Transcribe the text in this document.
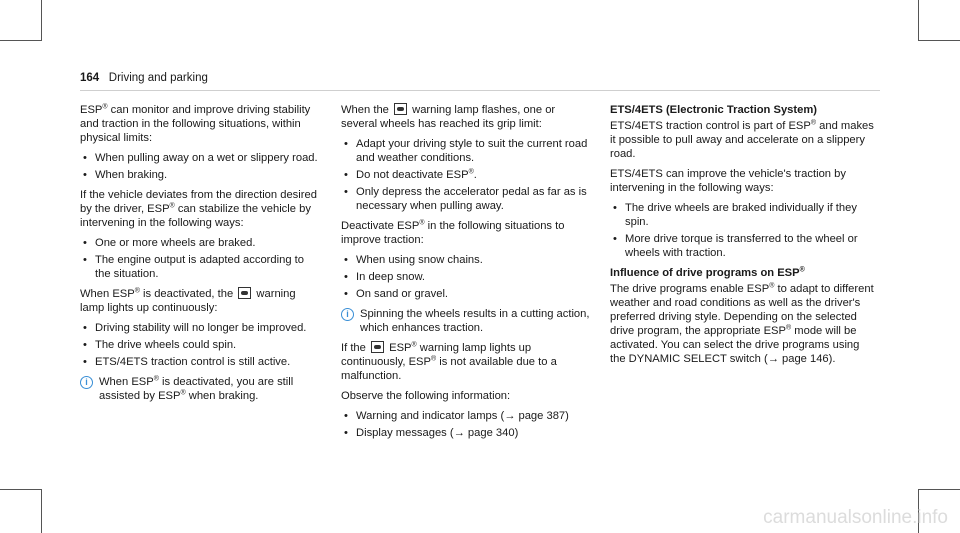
164 Driving and parking

ESP® can monitor and improve driving stability and traction in the following situations, within physical limits:

• When pulling away on a wet or slippery road.
• When braking.

If the vehicle deviates from the direction desired by the driver, ESP® can stabilize the vehicle by intervening in the following ways:

• One or more wheels are braked.
• The engine output is adapted according to the situation.

When ESP® is deactivated, the  warning lamp lights up continuously:

• Driving stability will no longer be improved.
• The drive wheels could spin.
• ETS/4ETS traction control is still active.
i	When ESP® is deactivated, you are still assisted by ESP® when braking.

When the  warning lamp flashes, one or several wheels has reached its grip limit:

• Adapt your driving style to suit the current road and weather conditions.
• Do not deactivate ESP®.
• Only depress the accelerator pedal as far as is necessary when pulling away.

Deactivate ESP® in the following situations to improve traction:

• When using snow chains.
• In deep snow.
• On sand or gravel.
i	Spinning the wheels results in a cutting action, which enhances traction.

If the  ESP® warning lamp lights up continuously, ESP® is not available due to a malfunction.

Observe the following information:

• Warning and indicator lamps (→ page 387)
• Display messages (→ page 340)

ETS/4ETS (Electronic Traction System)

ETS/4ETS traction control is part of ESP® and makes it possible to pull away and accelerate on a slippery road.

ETS/4ETS can improve the vehicle's traction by intervening in the following ways:

• The drive wheels are braked individually if they spin.
• More drive torque is transferred to the wheel or wheels with traction.

Influence of drive programs on ESP®

The drive programs enable ESP® to adapt to different weather and road conditions as well as the driver's preferred driving style. Depending on the selected drive program, the appropriate ESP® mode will be activated. You can select the drive programs using the DYNAMIC SELECT switch (→ page 146).

carmanualsonline.info
